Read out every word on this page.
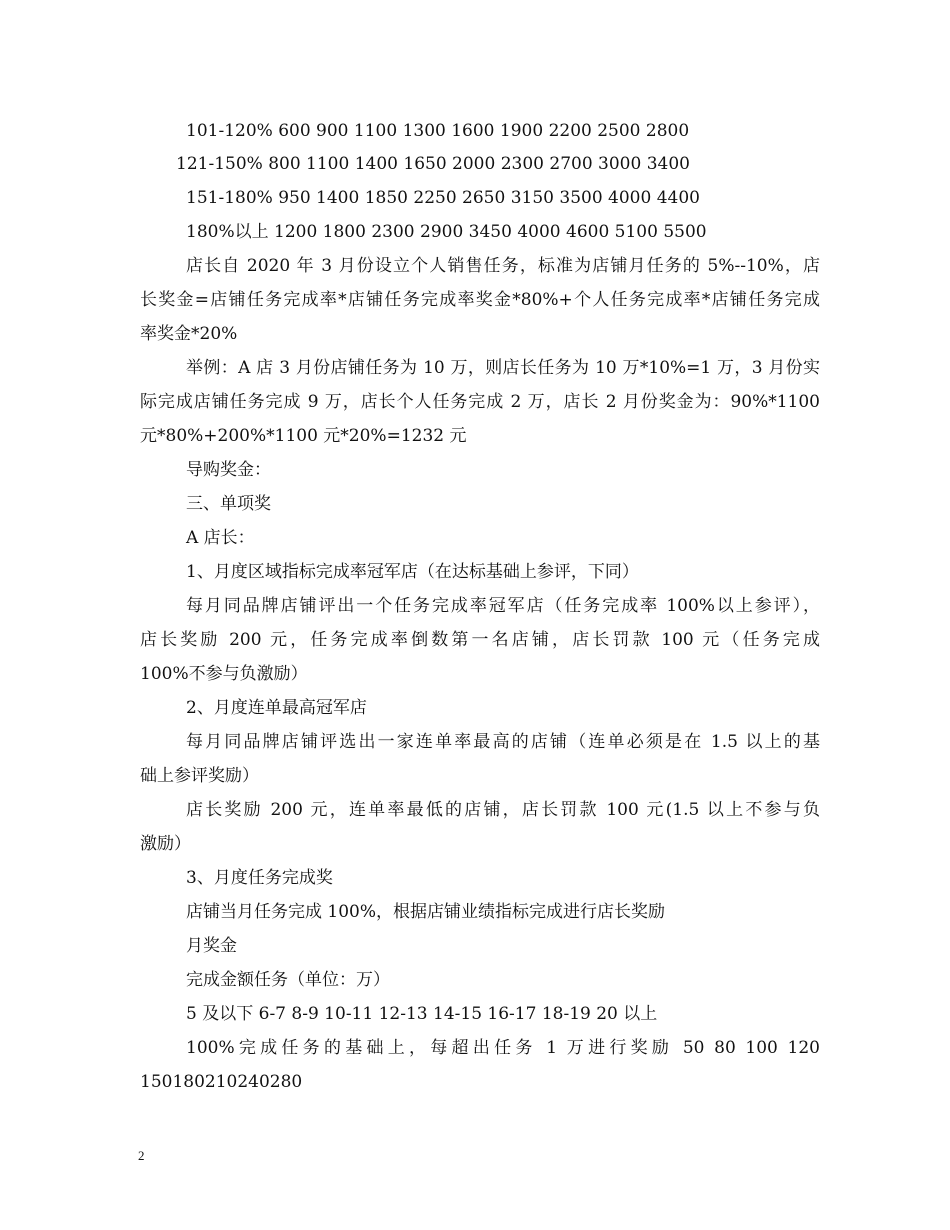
101-120% 600 900 1100 1300 1600 1900 2200 2500 2800
121-150% 800 1100 1400 1650 2000 2300 2700 3000 3400
151-180% 950 1400 1850 2250 2650 3150 3500 4000 4400
180%以上 1200 1800 2300 2900 3450 4000 4600 5100 5500
店长自 2020 年 3 月份设立个人销售任务，标准为店铺月任务的 5%--10%，店
长奖金=店铺任务完成率*店铺任务完成率奖金*80%+个人任务完成率*店铺任务完成
率奖金*20%
举例：A 店 3 月份店铺任务为 10 万，则店长任务为 10 万*10%=1 万，3 月份实
际完成店铺任务完成 9 万，店长个人任务完成 2 万，店长 2 月份奖金为：90%*1100
元*80%+200%*1100 元*20%=1232 元
导购奖金：
三、单项奖
A 店长：
1、月度区域指标完成率冠军店（在达标基础上参评，下同）
每月同品牌店铺评出一个任务完成率冠军店（任务完成率 100%以上参评），
店长奖励 200 元，任务完成率倒数第一名店铺，店长罚款 100 元（任务完成
100%不参与负激励）
2、月度连单最高冠军店
每月同品牌店铺评选出一家连单率最高的店铺（连单必须是在 1.5 以上的基
础上参评奖励）
店长奖励 200 元，连单率最低的店铺，店长罚款 100 元(1.5 以上不参与负
激励）
3、月度任务完成奖
店铺当月任务完成 100%，根据店铺业绩指标完成进行店长奖励
月奖金
完成金额任务（单位：万）
5 及以下 6-7 8-9 10-11 12-13 14-15 16-17 18-19 20 以上
100%完成任务的基础上，每超出任务 1 万进行奖励 50 80 100 120
150180210240280
2
